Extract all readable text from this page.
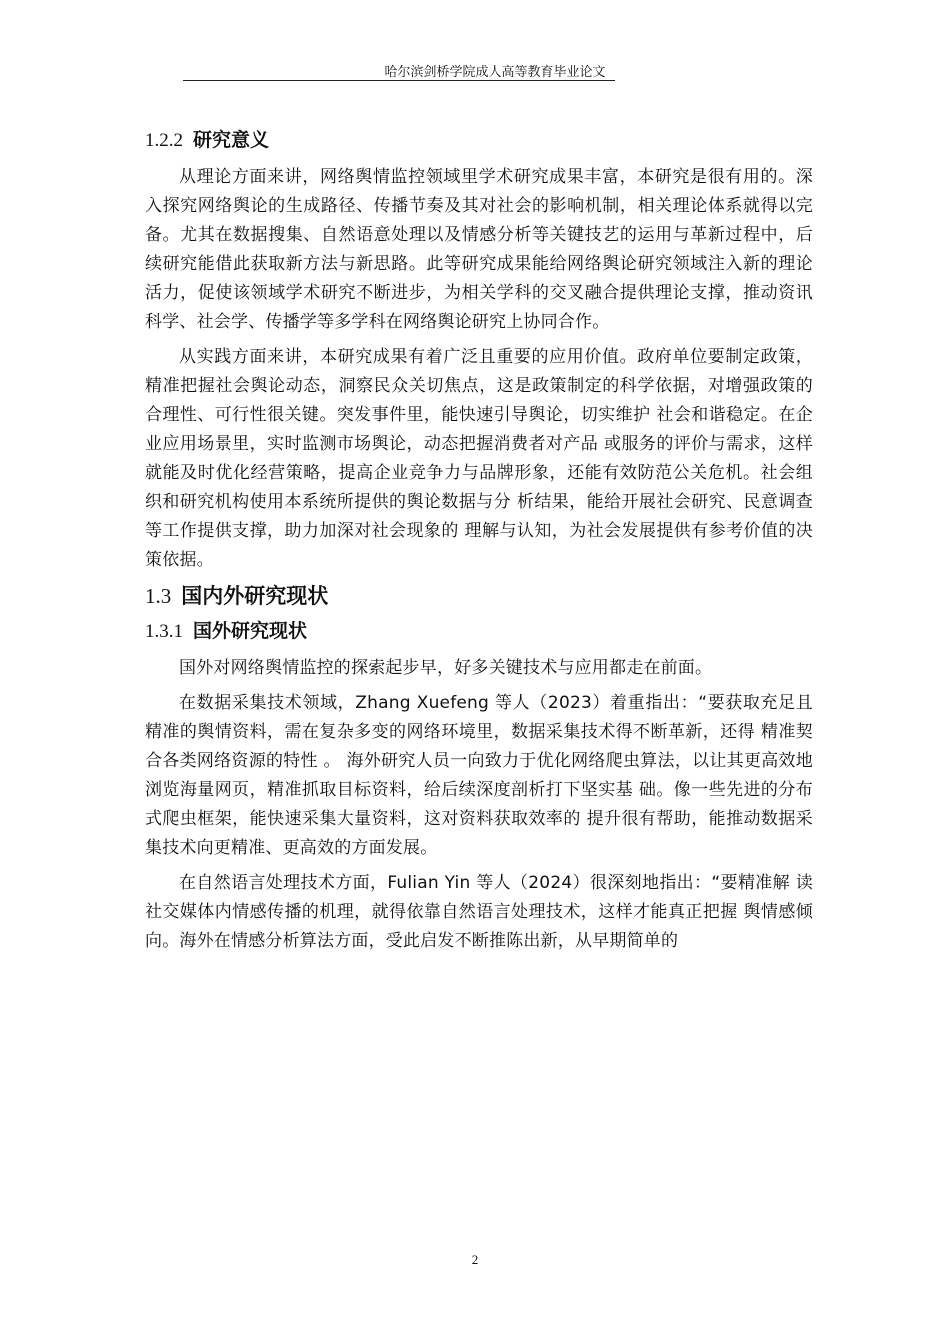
哈尔滨剑桥学院成人高等教育毕业论文
1.2.2 研究意义

从理论方面来讲，网络舆情监控领域里学术研究成果丰富，本研究是很有用的。深入探究网络舆论的生成路径、传播节奏及其对社会的影响机制，相关理论体系就得以完备。尤其在数据搜集、自然语意处理以及情感分析等关键技艺的运用与革新过程中，后续研究能借此获取新方法与新思路。此等研究成果能给网络舆论研究领域注入新的理论活力，促使该领域学术研究不断进步，为相关学科的交叉融合提供理论支撑，推动资讯科学、社会学、传播学等多学科在网络舆论研究上协同合作。

从实践方面来讲，本研究成果有着广泛且重要的应用价值。政府单位要制定政策，精准把握社会舆论动态，洞察民众关切焦点，这是政策制定的科学依据，对增强政策的合理性、可行性很关键。突发事件里，能快速引导舆论，切实维护 社会和谐稳定。在企业应用场景里，实时监测市场舆论，动态把握消费者对产品 或服务的评价与需求，这样就能及时优化经营策略，提高企业竞争力与品牌形象，还能有效防范公关危机。社会组织和研究机构使用本系统所提供的舆论数据与分 析结果，能给开展社会研究、民意调查等工作提供支撑，助力加深对社会现象的 理解与认知，为社会发展提供有参考价值的决策依据。

1.3 国内外研究现状
1.3.1 国外研究现状

国外对网络舆情监控的探索起步早，好多关键技术与应用都走在前面。

在数据采集技术领域，Zhang Xuefeng 等人（2023）着重指出：“要获取充足且 精准的舆情资料，需在复杂多变的网络环境里，数据采集技术得不断革新，还得 精准契合各类网络资源的特性 。 海外研究人员一向致力于优化网络爬虫算法，以让其更高效地浏览海量网页，精准抓取目标资料，给后续深度剖析打下坚实基 础。像一些先进的分布式爬虫框架，能快速采集大量资料，这对资料获取效率的 提升很有帮助，能推动数据采集技术向更精准、更高效的方面发展。

在自然语言处理技术方面，Fulian Yin 等人（2024）很深刻地指出：“要精准解 读社交媒体内情感传播的机理，就得依靠自然语言处理技术，这样才能真正把握 舆情感倾向。海外在情感分析算法方面，受此启发不断推陈出新，从早期简单的

2
